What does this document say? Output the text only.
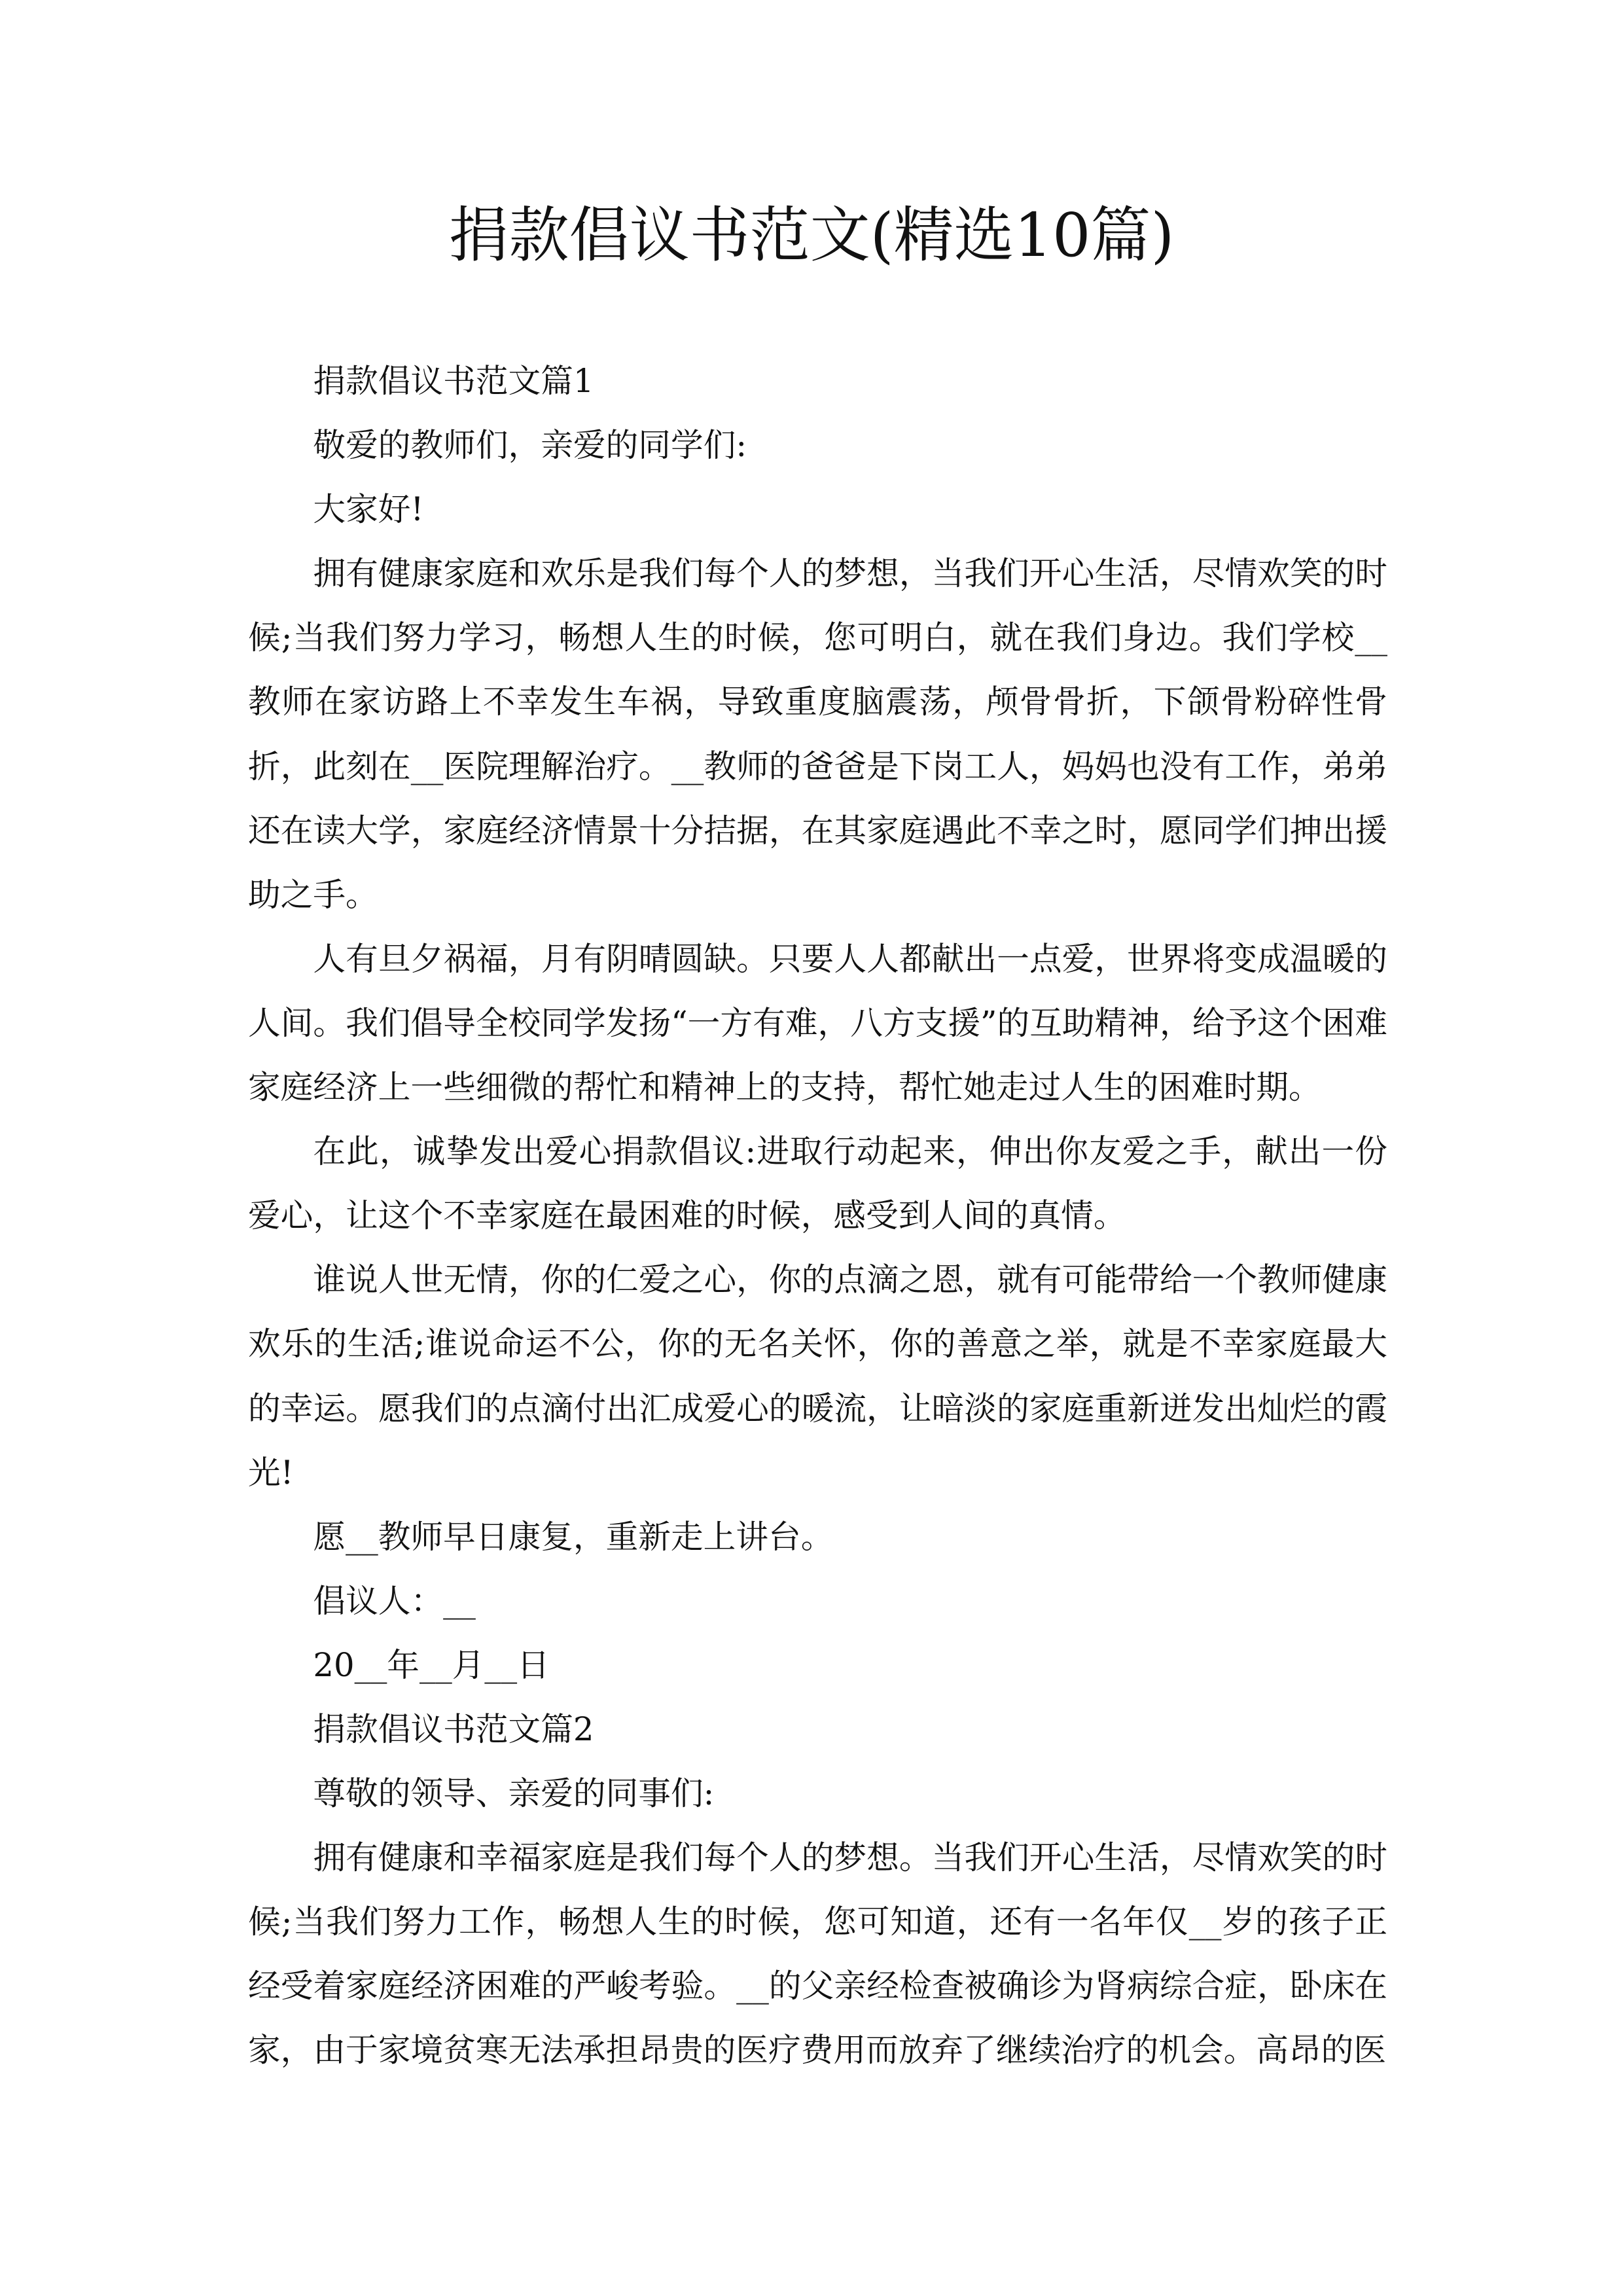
捐款倡议书范文(精选10篇)

捐款倡议书范文篇1

敬爱的教师们，亲爱的同学们:

大家好!

拥有健康家庭和欢乐是我们每个人的梦想，当我们开心生活，尽情欢笑的时候;当我们努力学习，畅想人生的时候，您可明白，就在我们身边。我们学校__教师在家访路上不幸发生车祸，导致重度脑震荡，颅骨骨折，下颌骨粉碎性骨折，此刻在__医院理解治疗。__教师的爸爸是下岗工人，妈妈也没有工作，弟弟还在读大学，家庭经济情景十分拮据，在其家庭遇此不幸之时，愿同学们抻出援助之手。

人有旦夕祸福，月有阴晴圆缺。只要人人都献出一点爱，世界将变成温暖的人间。我们倡导全校同学发扬“一方有难，八方支援”的互助精神，给予这个困难家庭经济上一些细微的帮忙和精神上的支持，帮忙她走过人生的困难时期。

在此，诚挚发出爱心捐款倡议:进取行动起来，伸出你友爱之手，献出一份爱心，让这个不幸家庭在最困难的时候，感受到人间的真情。

谁说人世无情，你的仁爱之心，你的点滴之恩，就有可能带给一个教师健康欢乐的生活;谁说命运不公，你的无名关怀，你的善意之举，就是不幸家庭最大的幸运。愿我们的点滴付出汇成爱心的暖流，让暗淡的家庭重新迸发出灿烂的霞光!

愿__教师早日康复，重新走上讲台。

倡议人：__

20__年__月__日

捐款倡议书范文篇2

尊敬的领导、亲爱的同事们:

拥有健康和幸福家庭是我们每个人的梦想。当我们开心生活，尽情欢笑的时候;当我们努力工作，畅想人生的时候，您可知道，还有一名年仅__岁的孩子正经受着家庭经济困难的严峻考验。__的父亲经检查被确诊为肾病综合症，卧床在家，由于家境贫寒无法承担昂贵的医疗费用而放弃了继续治疗的机会。高昂的医
